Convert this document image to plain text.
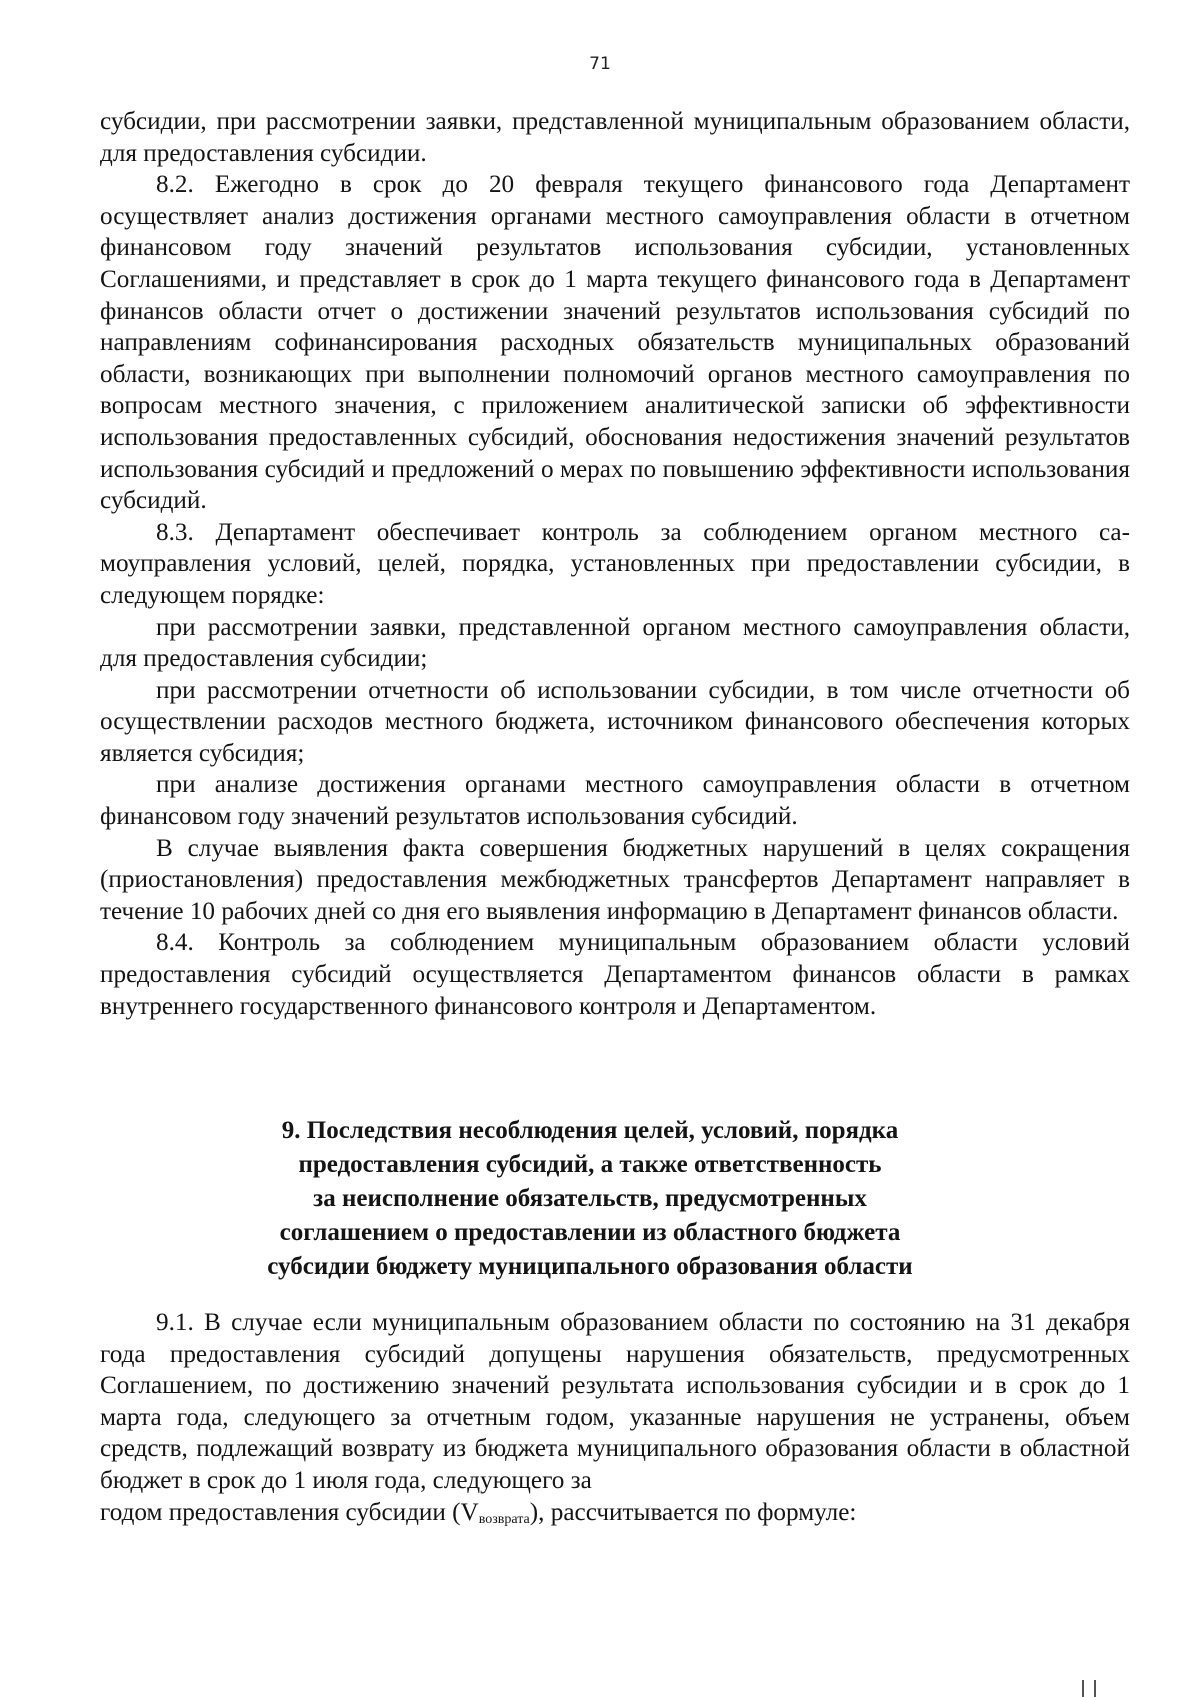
71

субсидии, при рассмотрении заявки, представленной муниципальным образованием области, для предоставления субсидии.

8.2. Ежегодно в срок до 20 февраля текущего финансового года Департамент осуществляет анализ достижения органами местного самоуправления области в отчетном финансовом году значений результатов использования субсидии, установленных Соглашениями, и представляет в срок до 1 марта текущего финансового года в Департамент финансов области отчет о достижении значений результатов использования субсидий по направлениям софинансирования расходных обязательств муниципальных образований области, возникающих при выполнении полномочий органов местного самоуправления по вопросам местного значения, с приложением аналитической записки об эффективности использования предоставленных субсидий, обоснования недостижения значений результатов использования субсидий и предложений о мерах по повышению эффективности использования субсидий.

8.3. Департамент обеспечивает контроль за соблюдением органом местного самоуправления условий, целей, порядка, установленных при предоставлении субсидии, в следующем порядке:

при рассмотрении заявки, представленной органом местного самоуправления области, для предоставления субсидии;

при рассмотрении отчетности об использовании субсидии, в том числе отчетности об осуществлении расходов местного бюджета, источником финансового обеспечения которых является субсидия;

при анализе достижения органами местного самоуправления области в отчетном финансовом году значений результатов использования субсидий.

В случае выявления факта совершения бюджетных нарушений в целях сокращения (приостановления) предоставления межбюджетных трансфертов Департамент направляет в течение 10 рабочих дней со дня его выявления информацию в Департамент финансов области.

8.4. Контроль за соблюдением муниципальным образованием области условий предоставления субсидий осуществляется Департаментом финансов области в рамках внутреннего государственного финансового контроля и Департаментом.

9. Последствия несоблюдения целей, условий, порядка
предоставления субсидий, а также ответственность
за неисполнение обязательств, предусмотренных
соглашением о предоставлении из областного бюджета
субсидии бюджету муниципального образования области

9.1. В случае если муниципальным образованием области по состоянию на 31 декабря года предоставления субсидий допущены нарушения обязательств, предусмотренных Соглашением, по достижению значений результата использования субсидии и в срок до 1 марта года, следующего за отчетным годом, указанные нарушения не устранены, объем средств, подлежащий возврату из бюджета муниципального образования области в областной бюджет в срок до 1 июля года, следующего за
годом предоставления субсидии $(V_{возврата})$, рассчитывается по формуле:
